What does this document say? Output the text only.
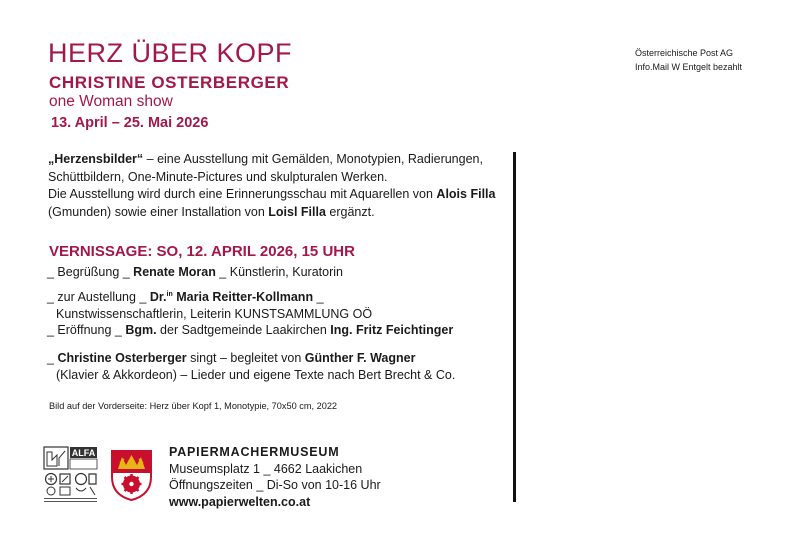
HERZ ÜBER KOPF
CHRISTINE OSTERBERGER
one Woman show
13. April – 25. Mai 2026
Österreichische Post AG
Info.Mail W Entgelt bezahlt
„Herzensbilder“ – eine Ausstellung mit Gemälden, Monotypien, Radierungen, Schüttbildern, One-Minute-Pictures und skulpturalen Werken.
Die Ausstellung wird durch eine Erinnerungsschau mit Aquarellen von Alois Filla (Gmunden) sowie einer Installation von Loisl Filla ergänzt.
VERNISSAGE: SO, 12. APRIL 2026, 15 UHR
_ Begrüßung _ Renate Moran _ Künstlerin, Kuratorin
_ zur Austellung _ Dr.$^{in}$ Maria Reitter-Kollmann _
Kunstwissenschaftlerin, Leiterin KUNSTSAMMLUNG OÖ
_ Eröffnung _ Bgm. der Sadtgemeinde Laakirchen Ing. Fritz Feichtinger
_ Christine Osterberger singt – begleitet von Günther F. Wagner
(Klavier & Akkordeon) – Lieder und eigene Texte nach Bert Brecht & Co.
Bild auf der Vorderseite: Herz über Kopf 1, Monotypie, 70x50 cm, 2022
ALFA	PAPIERMACHERMUSEUM
Museumsplatz 1 _ 4662 Laakichen
Öffnungszeiten _ Di-So von 10-16 Uhr
www.papierwelten.co.at
